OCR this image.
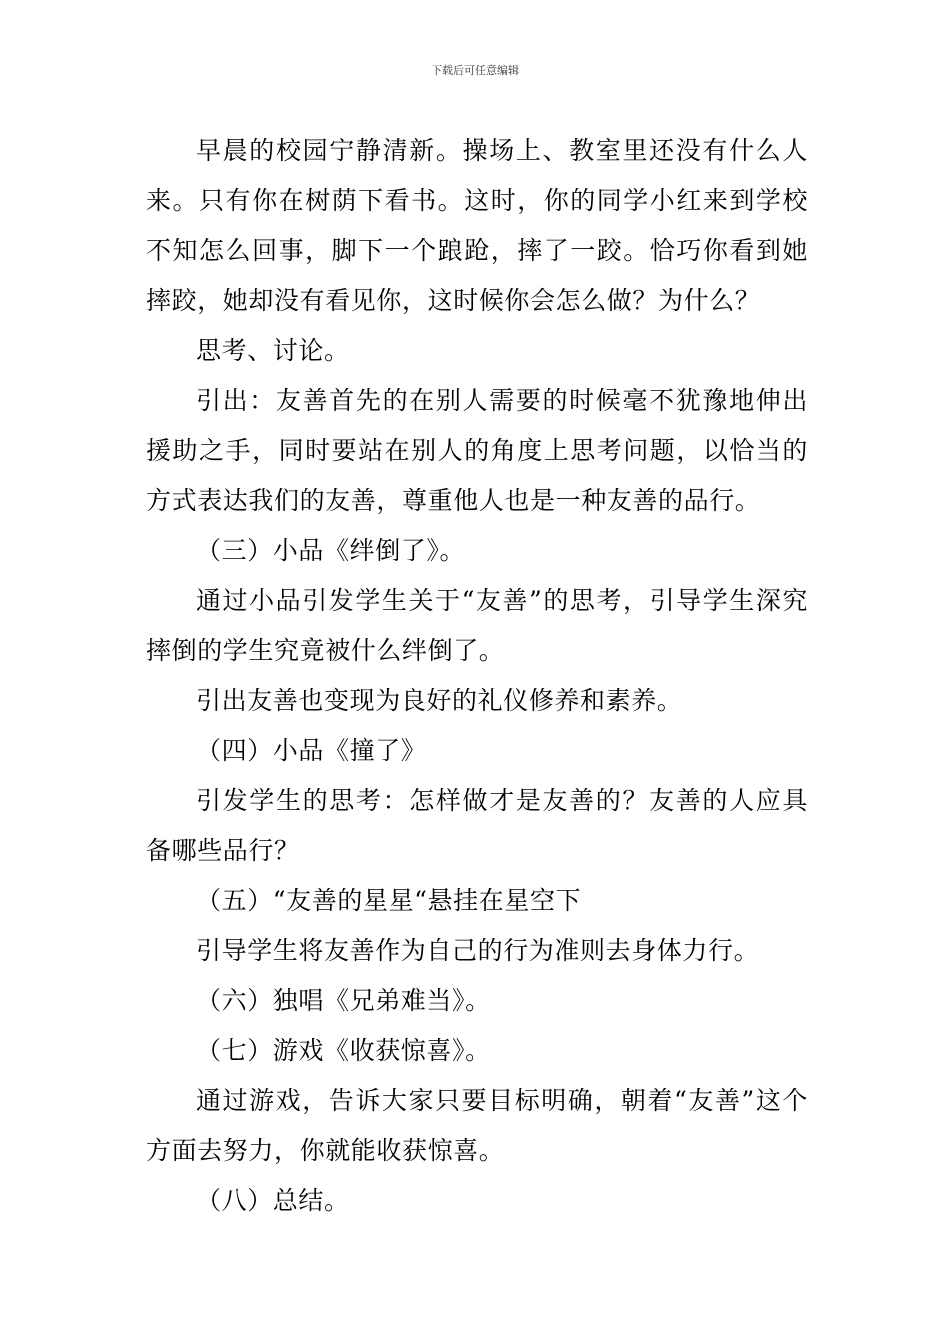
下载后可任意编辑

早晨的校园宁静清新。操场上、教室里还没有什么人来。只有你在树荫下看书。这时，你的同学小红来到学校不知怎么回事，脚下一个踉跄，摔了一跤。恰巧你看到她摔跤，她却没有看见你，这时候你会怎么做？为什么？

思考、讨论。

引出：友善首先的在别人需要的时候毫不犹豫地伸出援助之手，同时要站在别人的角度上思考问题，以恰当的方式表达我们的友善，尊重他人也是一种友善的品行。

（三）小品《绊倒了》。

通过小品引发学生关于“友善”的思考，引导学生深究摔倒的学生究竟被什么绊倒了。

引出友善也变现为良好的礼仪修养和素养。

（四）小品《撞了》

引发学生的思考：怎样做才是友善的？友善的人应具备哪些品行？

（五）“友善的星星“悬挂在星空下

引导学生将友善作为自己的行为准则去身体力行。

（六）独唱《兄弟难当》。

（七）游戏《收获惊喜》。

通过游戏，告诉大家只要目标明确，朝着“友善”这个方面去努力，你就能收获惊喜。

（八）总结。
